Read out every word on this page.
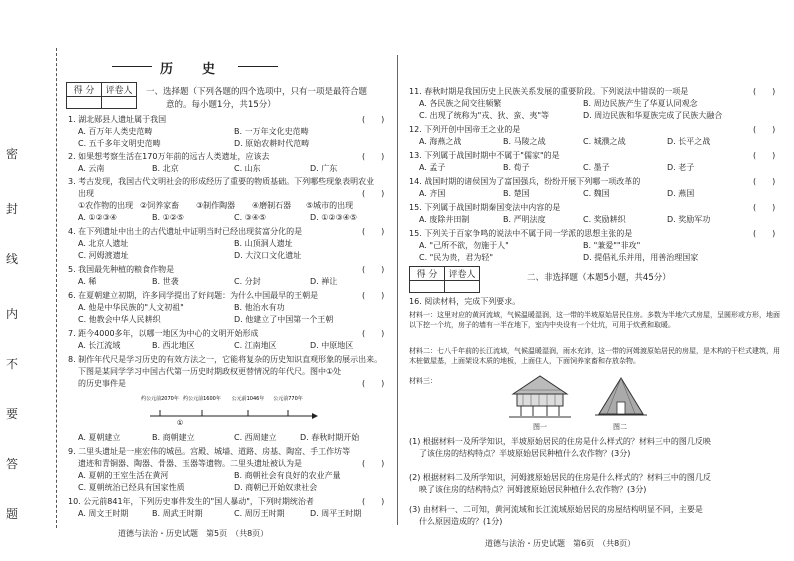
密
封
线
内
不
要
答
题
历　史
得 分	评卷人
	一、选择题（下列各题的四个选项中，只有一项是最符合题
意的。每小题1分，共15分）
1. 湖北郧县人遗址属于我国	(　　)
A. 百万年人类史范畴	B. 一万年文化史范畴
C. 五千多年文明史范畴	D. 原始农耕时代范畴
2. 如果想考察生活在170万年前的远古人类遗址，应该去	(　　)
A. 云南	B. 北京	C. 山东	D. 广东
3. 考古发现，我国古代文明社会的形成经历了重要的物质基础。下列哪些现象表明农业
出现	(　　)
①农作物的出现 ②饲养家畜 ③制作陶器 ④磨制石器 ⑤城市的出现
A. ①②③④	B. ①②⑤	C. ③④⑤	D. ①②③④⑤
4. 在下列遗址中出土的古代遗址中证明当时已经出现贫富分化的是	(　　)
A. 北京人遗址	B. 山顶洞人遗址
C. 河姆渡遗址	D. 大汶口文化遗址
5. 我国最先种植的粮食作物是	(　　)
A. 稀	B. 世袭	C. 分封	D. 禅让
6. 在夏朝建立初期，许多同学提出了好问题：为什么中国最早的王朝是	(　　)
A. 他是中华民族的"人文初祖"	B. 他治水有功
C. 他教会中华人民耕织	D. 他建立了中国第一个王朝
7. 距今4000多年，以哪一地区为中心的文明开始形成	(　　)
A. 长江流域	B. 西北地区	C. 江南地区	D. 中原地区
8. 制作年代尺是学习历史的有效方法之一，它能将复杂的历史知识直观形象的展示出来。
下图是某同学学习中国古代第一历史时期政权更替情况的年代尺。图中①处
的历史事件是	(　　)
约公元前2070年 约公元前1600年 公元前1046年 公元前770年
①
A. 夏朝建立	B. 商朝建立	C. 西周建立	D. 春秋时期开始
9. 二里头遗址是一座宏伟的城邑。宫殿、城墙、道路、房基、陶窑、手工作坊等
遗迹和青铜器、陶器、骨器、玉器等遗物。二里头遗址被认为是	(　　)
A. 夏朝的王室生活在黄河	B. 商朝社会有良好的农业产量
C. 夏朝统治已经具有国家性质	D. 商朝已开始奴隶社会
10. 公元前841年，下列历史事件发生的"国人暴动"，下列时期统治者	(　　)
A. 周文王时期	B. 周武王时期	C. 周厉王时期	D. 周平王时期
道德与法治・历史试题　第5页　（共8页）
11. 春秋时期是我国历史上民族关系发展的重要阶段。下列说法中错误的一项是	(　　)
A. 各民族之间交往频繁	B. 周边民族产生了华夏认同观念
C. 出现了统称为"戎、狄、蛮、夷"等	D. 周边民族和华夏族完成了民族大融合
12. 下列开创中国帝王之业的是	(　　)
A. 海燕之战	B. 马陵之战	C. 城濮之战	D. 长平之战
13. 下列属于战国时期中不属于"儒家"的是	(　　)
A. 孟子	B. 荀子	C. 墨子	D. 老子
14. 战国时期的诸侯国为了富国强兵，纷纷开展下列哪一项改革的	(　　)
A. 齐国	B. 楚国	C. 魏国	D. 燕国
15. 下列属于战国时期秦国变法中内容的是	(　　)
A. 废除井田制	B. 严明法度	C. 奖励耕织	D. 奖励军功
15. 下列关于百家争鸣的说法中不属于同一学派的思想主张的是	(　　)
A. "己所不欲，勿施于人"	B. "兼爱""非攻"
C. "民为贵，君为轻"	D. 提倡礼乐并用，用善治理国家
得 分	评卷人
		二、非选择题（本题5小题，共45分）
16. 阅读材料，完成下列要求。
材料一：这里对应的黄河流域，气候温暖湿润，这一带的半坡原始居民住房。多数为半地穴式房屋，呈圆形或方形，地面以下挖一个坑，房子的墙有一半在地下，室内中央设有一个灶坑，可用于炊煮和取暖。
材料二：七八千年前的长江流域，气候温暖湿润，雨水充沛，这一带的河姆渡原始居民的房屋，是木构的干栏式建筑，用木桩做屋基，上面架设木质的地板，上面住人，下面饲养家畜和存放杂物。
材料三：
图一	图二
(1) 根据材料一及所学知识，半坡原始居民的住房是什么样式的？材料三中的图几反映
了该住房的结构特点？半坡原始居民种植什么农作物？(3分)
(2) 根据材料二及所学知识，河姆渡原始居民的住房是什么样式的？材料三中的图几反
映了该住房的结构特点？河姆渡原始居民种植什么农作物？(3分)
(3) 由材料一、二可知，黄河流域和长江流域原始居民的房屋结构明显不同，主要是
什么原因造成的？(1分)
道德与法治・历史试题　第6页　（共8页）
